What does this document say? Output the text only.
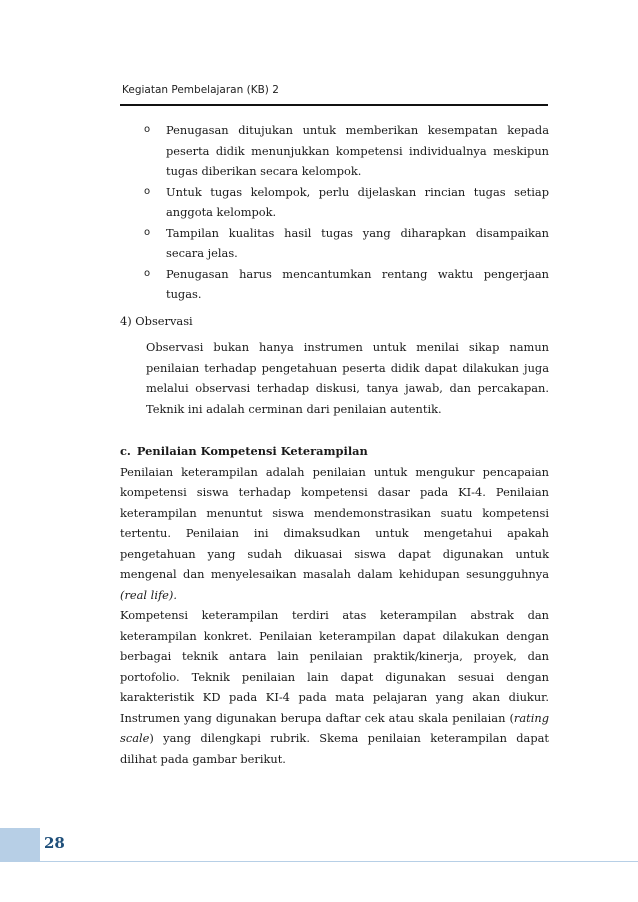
Kegiatan Pembelajaran (KB) 2
o Penugasan ditujukan untuk memberikan kesempatan kepada peserta didik menunjukkan kompetensi individualnya meskipun tugas diberikan secara kelompok.
o Untuk tugas kelompok, perlu dijelaskan rincian tugas setiap anggota kelompok.
o Tampilan kualitas hasil tugas yang diharapkan disampaikan secara jelas.
o Penugasan harus mencantumkan rentang waktu pengerjaan tugas.
4) Observasi

Observasi bukan hanya instrumen untuk menilai sikap namun penilaian terhadap pengetahuan peserta didik dapat dilakukan juga melalui observasi terhadap diskusi, tanya jawab, dan percakapan. Teknik ini adalah cerminan dari penilaian autentik.

c. Penilaian Kompetensi Keterampilan

Penilaian keterampilan adalah penilaian untuk mengukur pencapaian kompetensi siswa terhadap kompetensi dasar pada KI-4. Penilaian keterampilan menuntut siswa mendemonstrasikan suatu kompetensi tertentu. Penilaian ini dimaksudkan untuk mengetahui apakah pengetahuan yang sudah dikuasai siswa dapat digunakan untuk mengenal dan menyelesaikan masalah dalam kehidupan sesungguhnya (real life).

Kompetensi keterampilan terdiri atas keterampilan abstrak dan keterampilan konkret. Penilaian keterampilan dapat dilakukan dengan berbagai teknik antara lain penilaian praktik/kinerja, proyek, dan portofolio. Teknik penilaian lain dapat digunakan sesuai dengan karakteristik KD pada KI-4 pada mata pelajaran yang akan diukur. Instrumen yang digunakan berupa daftar cek atau skala penilaian (rating scale) yang dilengkapi rubrik. Skema penilaian keterampilan dapat dilihat pada gambar berikut.

28
